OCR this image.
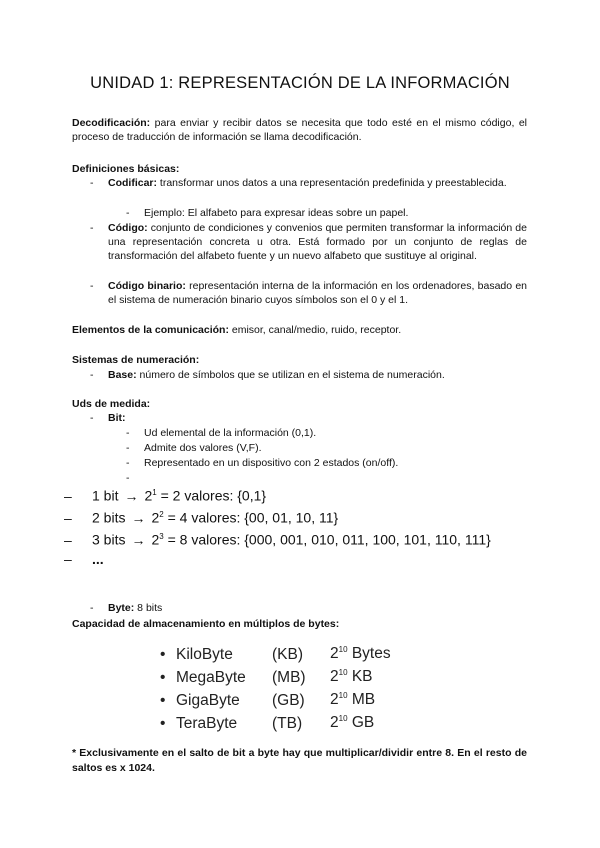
UNIDAD 1: REPRESENTACIÓN DE LA INFORMACIÓN
Decodificación: para enviar y recibir datos se necesita que todo esté en el mismo código, el proceso de traducción de información se llama decodificación.
Definiciones básicas:
- Codificar: transformar unos datos a una representación predefinida y preestablecida.
- Ejemplo: El alfabeto para expresar ideas sobre un papel.
- Código: conjunto de condiciones y convenios que permiten transformar la información de una representación concreta u otra. Está formado por un conjunto de reglas de transformación del alfabeto fuente y un nuevo alfabeto que sustituye al original.
- Código binario: representación interna de la información en los ordenadores, basado en el sistema de numeración binario cuyos símbolos son el 0 y el 1.
Elementos de la comunicación: emisor, canal/medio, ruido, receptor.
Sistemas de numeración:
- Base: número de símbolos que se utilizan en el sistema de numeración.
Uds de medida:
- Bit:
- Ud elemental de la información (0,1).
- Admite dos valores (V,F).
- Representado en un dispositivo con 2 estados (on/off).
-
– 1 bit → $2^1 = 2$ valores: {0,1}
– 2 bits → $2^2 = 4$ valores: {00, 01, 10, 11}
– 3 bits → $2^3 = 8$ valores: {000, 001, 010, 011, 100, 101, 110, 111}
– ...
- Byte: 8 bits
Capacidad de almacenamiento en múltiplos de bytes:
•	KiloByte	(KB)	$2^{10}$ Bytes
•	MegaByte	(MB)	$2^{10}$ KB
•	GigaByte	(GB)	$2^{10}$ MB
•	TeraByte	(TB)	$2^{10}$ GB
* Exclusivamente en el salto de bit a byte hay que multiplicar/dividir entre 8. En el resto de saltos es x 1024.
